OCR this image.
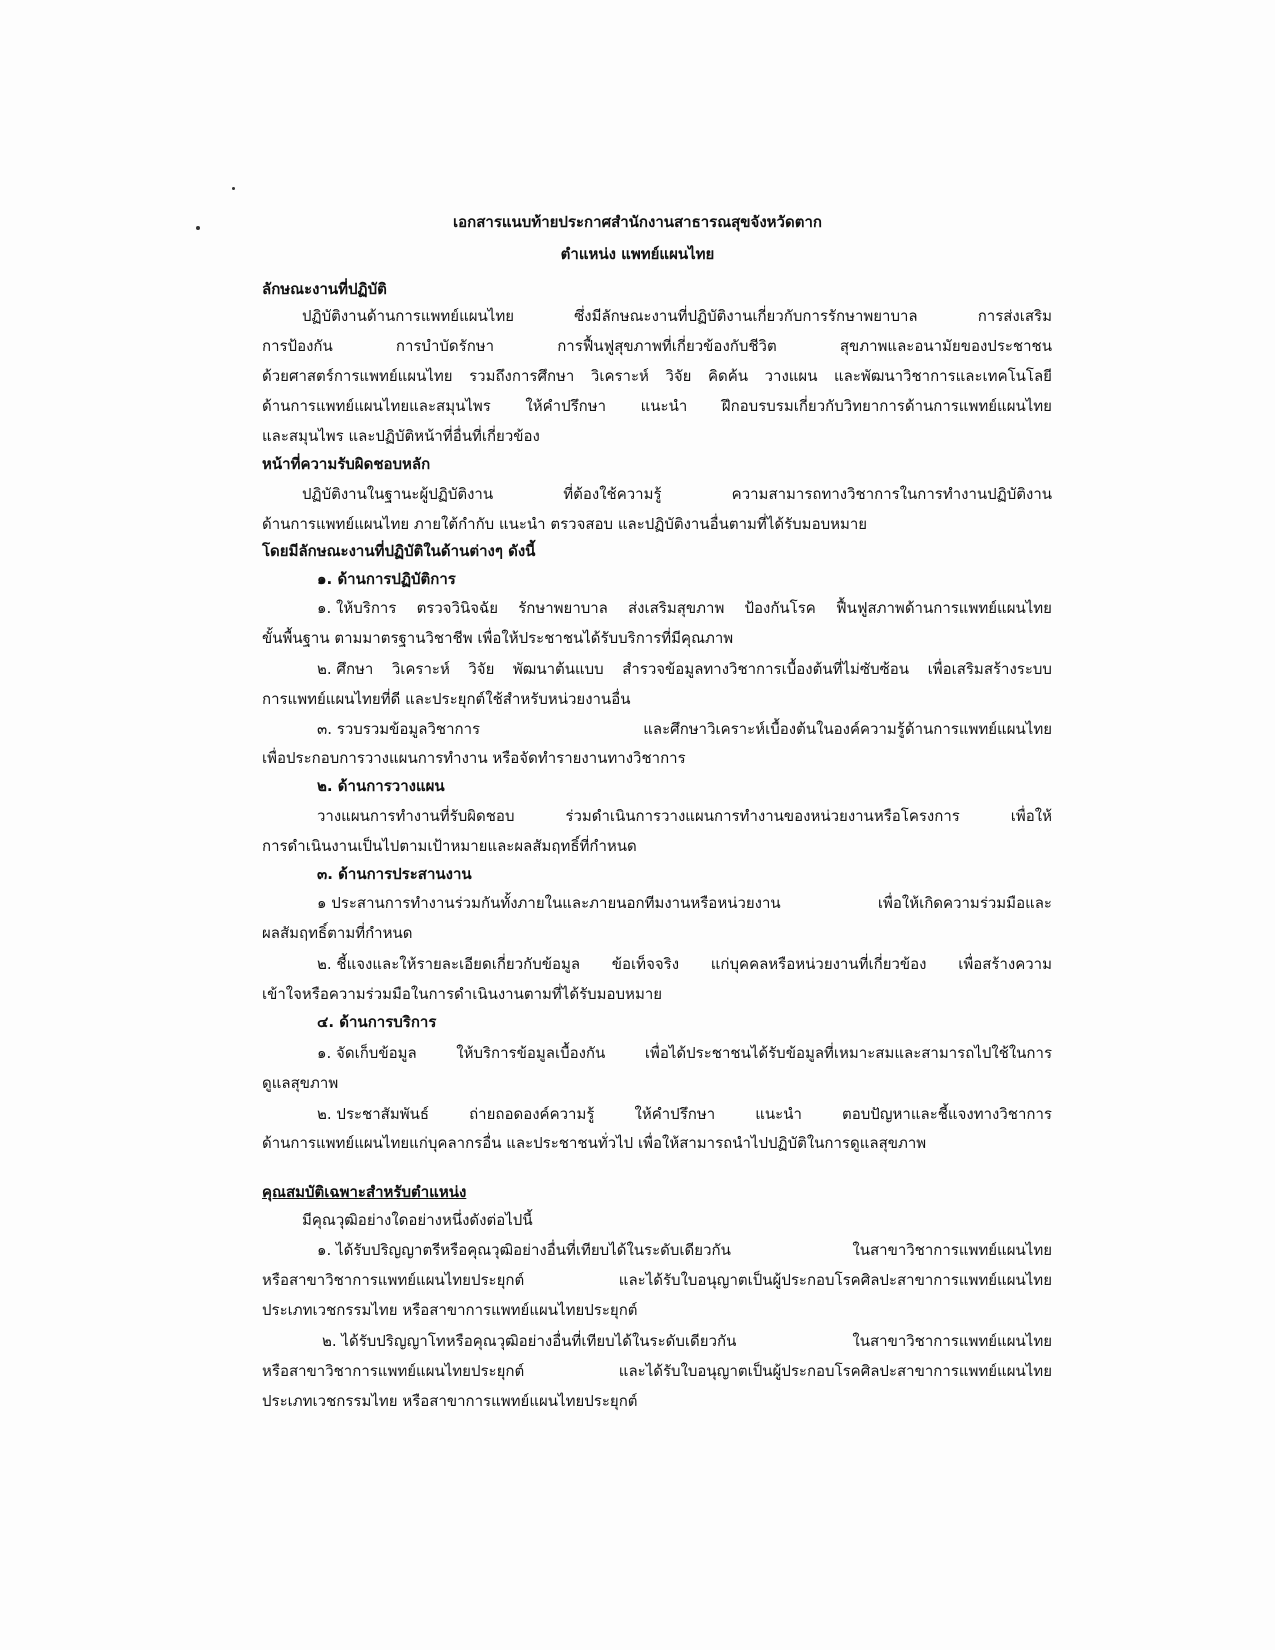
เอกสารแนบท้ายประกาศสำนักงานสาธารณสุขจังหวัดตาก
ตำแหน่ง แพทย์แผนไทย
ลักษณะงานที่ปฏิบัติ
ปฏิบัติงานด้านการแพทย์แผนไทย	ซึ่งมีลักษณะงานที่ปฏิบัติงานเกี่ยวกับการรักษาพยาบาล	การส่งเสริม
การป้องกัน	การบำบัดรักษา	การฟื้นฟูสุขภาพที่เกี่ยวข้องกับชีวิต	สุขภาพและอนามัยของประชาชน
ด้วยศาสตร์การแพทย์แผนไทย รวมถึงการศึกษา วิเคราะห์ วิจัย คิดค้น วางแผน และพัฒนาวิชาการและเทคโนโลยี
ด้านการแพทย์แผนไทยและสมุนไพร ให้คำปรึกษา แนะนำ ฝึกอบรบรมเกี่ยวกับวิทยาการด้านการแพทย์แผนไทย
และสมุนไพร และปฏิบัติหน้าที่อื่นที่เกี่ยวข้อง
หน้าที่ความรับผิดชอบหลัก
ปฏิบัติงานในฐานะผู้ปฏิบัติงาน	ที่ต้องใช้ความรู้	ความสามารถทางวิชาการในการทำงานปฏิบัติงาน
ด้านการแพทย์แผนไทย ภายใต้กำกับ แนะนำ ตรวจสอบ และปฏิบัติงานอื่นตามที่ได้รับมอบหมาย
โดยมีลักษณะงานที่ปฏิบัติในด้านต่างๆ ดังนี้
๑. ด้านการปฏิบัติการ
๑. ให้บริการ ตรวจวินิจฉัย รักษาพยาบาล ส่งเสริมสุขภาพ ป้องกันโรค ฟื้นฟูสภาพด้านการแพทย์แผนไทย
ขั้นพื้นฐาน ตามมาตรฐานวิชาชีพ เพื่อให้ประชาชนได้รับบริการที่มีคุณภาพ
๒. ศึกษา วิเคราะห์ วิจัย พัฒนาต้นแบบ สำรวจข้อมูลทางวิชาการเบื้องต้นที่ไม่ซับซ้อน เพื่อเสริมสร้างระบบ
การแพทย์แผนไทยที่ดี และประยุกต์ใช้สำหรับหน่วยงานอื่น
๓. รวบรวมข้อมูลวิชาการ	และศึกษาวิเคราะห์เบื้องต้นในองค์ความรู้ด้านการแพทย์แผนไทย
เพื่อประกอบการวางแผนการทำงาน หรือจัดทำรายงานทางวิชาการ
๒. ด้านการวางแผน
วางแผนการทำงานที่รับผิดชอบ	ร่วมดำเนินการวางแผนการทำงานของหน่วยงานหรือโครงการ	เพื่อให้
การดำเนินงานเป็นไปตามเป้าหมายและผลสัมฤทธิ์ที่กำหนด
๓. ด้านการประสานงาน
๑ ประสานการทำงานร่วมกันทั้งภายในและภายนอกทีมงานหรือหน่วยงาน	เพื่อให้เกิดความร่วมมือและ
ผลสัมฤทธิ์ตามที่กำหนด
๒. ชี้แจงและให้รายละเอียดเกี่ยวกับข้อมูล ข้อเท็จจริง แก่บุคคลหรือหน่วยงานที่เกี่ยวข้อง เพื่อสร้างความ
เข้าใจหรือความร่วมมือในการดำเนินงานตามที่ได้รับมอบหมาย
๔. ด้านการบริการ
๑. จัดเก็บข้อมูล	ให้บริการข้อมูลเบื้องกัน	เพื่อได้ประชาชนได้รับข้อมูลที่เหมาะสมและสามารถไปใช้ในการ
ดูแลสุขภาพ
๒. ประชาสัมพันธ์	ถ่ายถอดองค์ความรู้	ให้คำปรึกษา	แนะนำ	ตอบปัญหาและชี้แจงทางวิชาการ
ด้านการแพทย์แผนไทยแก่บุคลากรอื่น และประชาชนทั่วไป เพื่อให้สามารถนำไปปฏิบัติในการดูแลสุขภาพ
คุณสมบัติเฉพาะสำหรับตำแหน่ง
มีคุณวุฒิอย่างใดอย่างหนึ่งดังต่อไปนี้
๑. ได้รับปริญญาตรีหรือคุณวุฒิอย่างอื่นที่เทียบได้ในระดับเดียวกัน	ในสาขาวิชาการแพทย์แผนไทย
หรือสาขาวิชาการแพทย์แผนไทยประยุกต์	และได้รับใบอนุญาตเป็นผู้ประกอบโรคศิลปะสาขาการแพทย์แผนไทย
ประเภทเวชกรรมไทย หรือสาขาการแพทย์แผนไทยประยุกต์
๒. ได้รับปริญญาโทหรือคุณวุฒิอย่างอื่นที่เทียบได้ในระดับเดียวกัน	ในสาขาวิชาการแพทย์แผนไทย
หรือสาขาวิชาการแพทย์แผนไทยประยุกต์	และได้รับใบอนุญาตเป็นผู้ประกอบโรคศิลปะสาขาการแพทย์แผนไทย
ประเภทเวชกรรมไทย หรือสาขาการแพทย์แผนไทยประยุกต์
